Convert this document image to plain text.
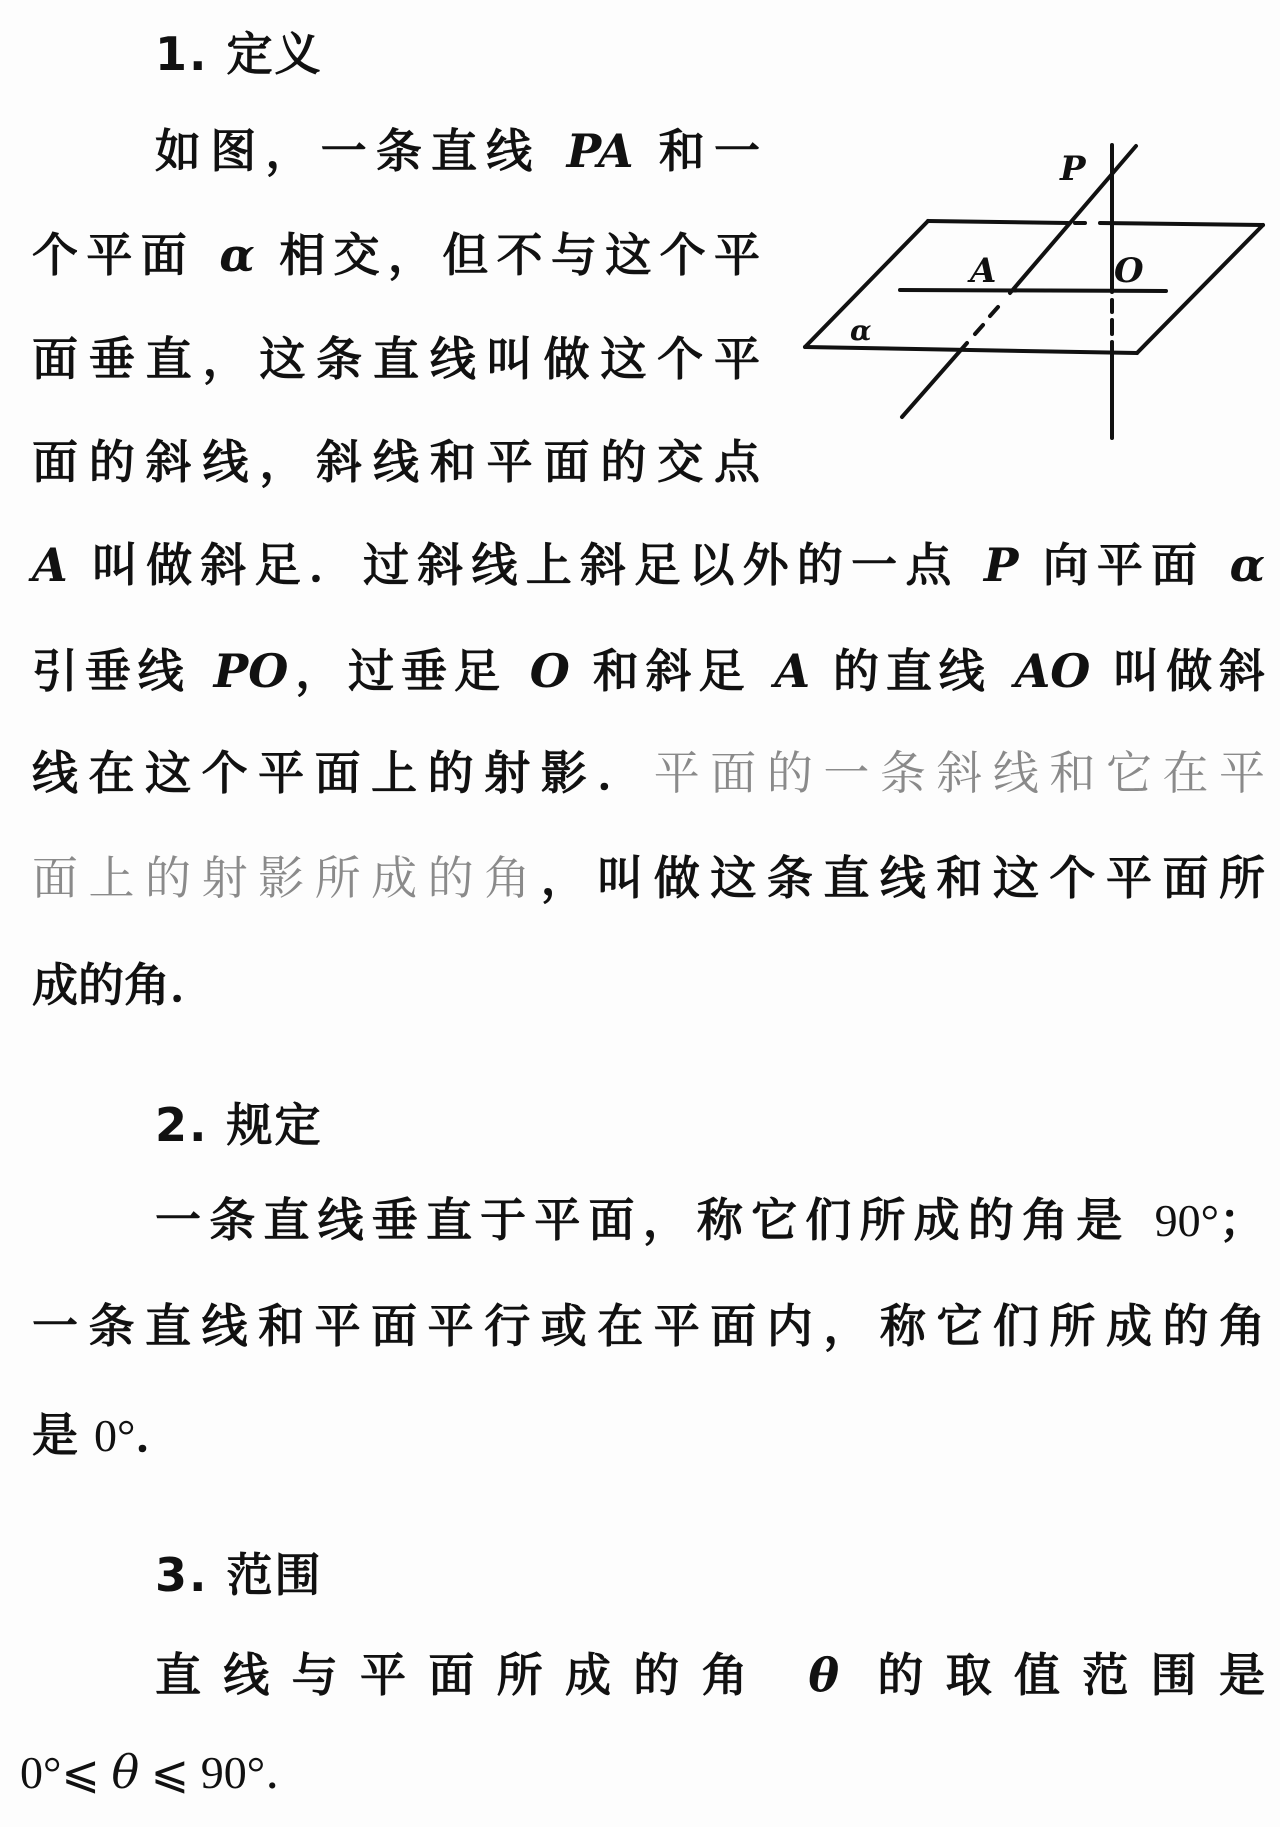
1. 定义
如图，一条直线 PA 和一
个平面 α 相交，但不与这个平
面垂直，这条直线叫做这个平
面的斜线，斜线和平面的交点
A 叫做斜足．过斜线上斜足以外的一点 P 向平面 α
引垂线 PO，过垂足 O 和斜足 A 的直线 AO 叫做斜
线在这个平面上的射影．平面的一条斜线和它在平
面上的射影所成的角，叫做这条直线和这个平面所
成的角．
P
A	O
α
2. 规定
一条直线垂直于平面，称它们所成的角是 90°；
一条直线和平面平行或在平面内，称它们所成的角
是 0°．
3. 范围
直线与平面所成的角 θ 的取值范围是
0°⩽ θ ⩽ 90°．
